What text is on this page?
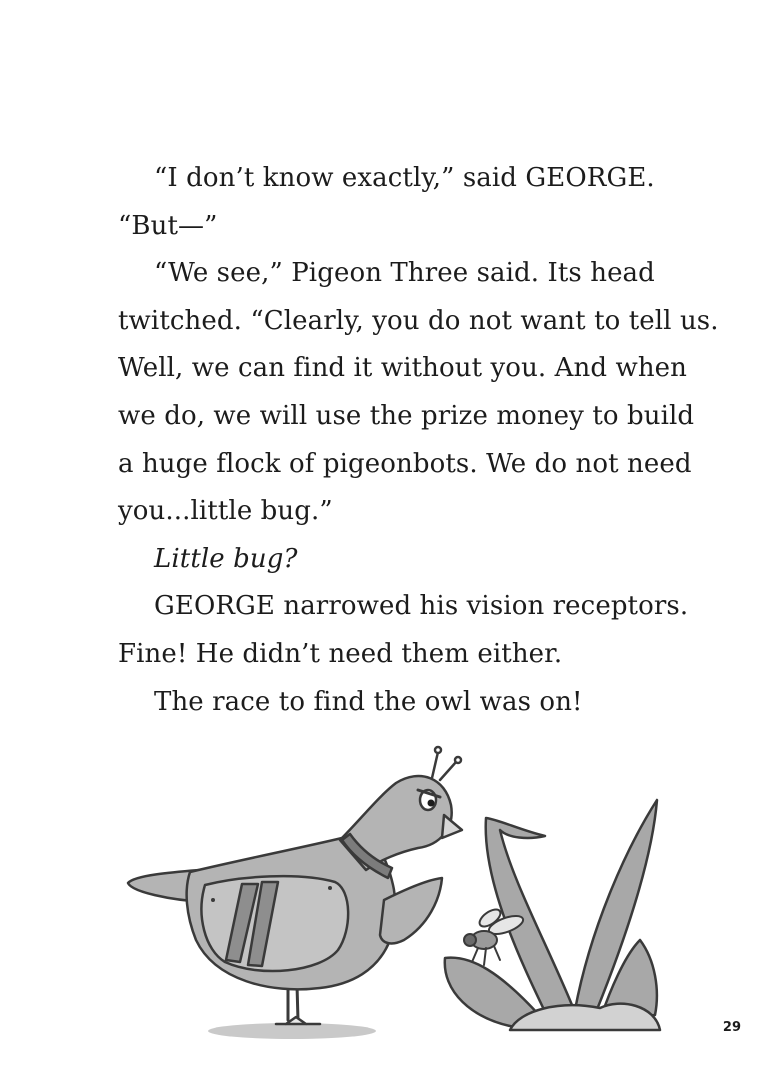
“I don’t know exactly,” said GEORGE.
“But—”
“We see,” Pigeon Three said. Its head
twitched. “Clearly, you do not want to tell us.
Well, we can find it without you. And when
we do, we will use the prize money to build
a huge flock of pigeonbots. We do not need
you...little bug.”
Little bug?
GEORGE narrowed his vision receptors.
Fine! He didn’t need them either.
The race to find the owl was on!
29
